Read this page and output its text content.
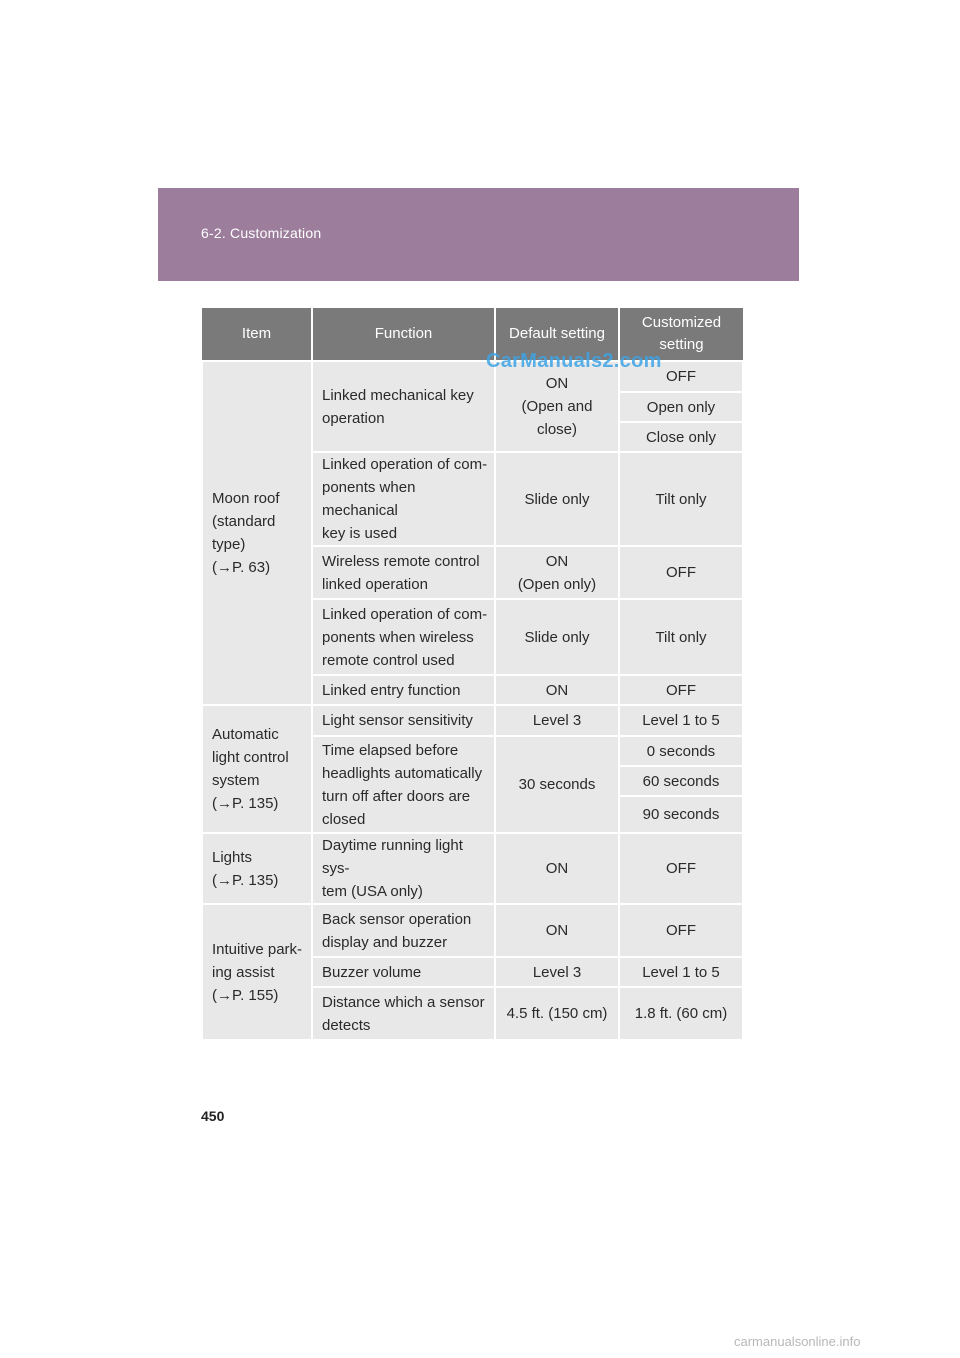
6-2. Customization
Item	Function	Default setting	Customized
setting
Moon roof
(standard
type)
(→P. 63)	Linked mechanical key
operation	ON
(Open and
close)	OFF
			Open only
			Close only
	Linked operation of com-
ponents when mechanical
key is used	Slide only	Tilt only
	Wireless remote control
linked operation	ON
(Open only)	OFF
	Linked operation of com-
ponents when wireless
remote control used	Slide only	Tilt only
	Linked entry function	ON	OFF
Automatic
light control
system
(→P. 135)	Light sensor sensitivity	Level 3	Level 1 to 5
	Time elapsed before
headlights automatically
turn off after doors are
closed	30 seconds	0 seconds
			60 seconds
			90 seconds
Lights
(→P. 135)	Daytime running light sys-
tem (USA only)	ON	OFF
Intuitive park-
ing assist
(→P. 155)	Back sensor operation
display and buzzer	ON	OFF
	Buzzer volume	Level 3	Level 1 to 5
	Distance which a sensor
detects	4.5 ft. (150 cm)	1.8 ft. (60 cm)
CarManuals2.com
450
carmanualsonline.info
